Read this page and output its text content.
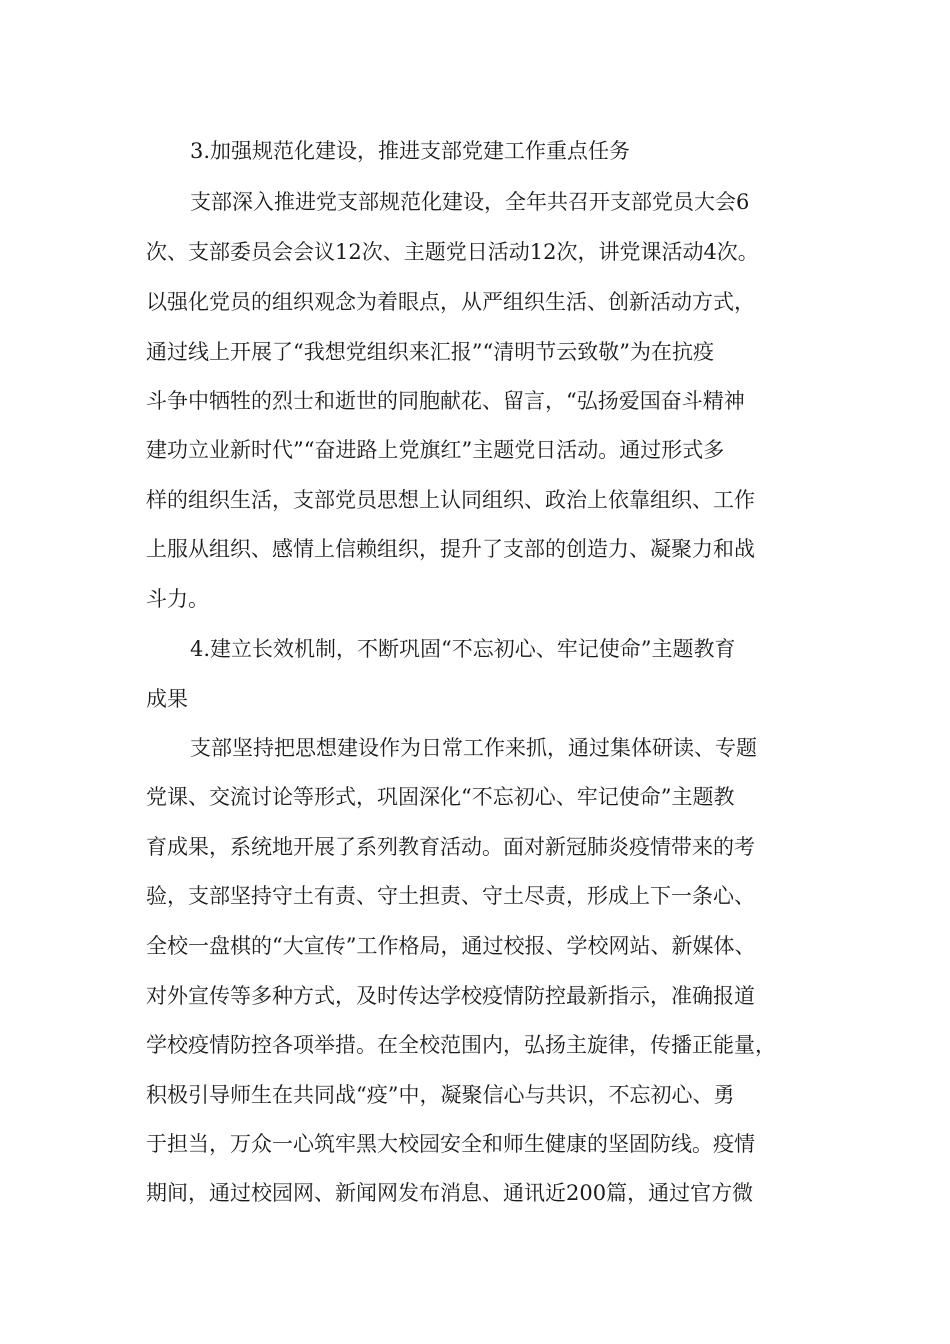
3.加强规范化建设，推进支部党建工作重点任务
支部深入推进党支部规范化建设，全年共召开支部党员大会6
次、支部委员会会议12次、主题党日活动12次，讲党课活动4次。
以强化党员的组织观念为着眼点，从严组织生活、创新活动方式，
通过线上开展了“我想党组织来汇报”“清明节云致敬”为在抗疫
斗争中牺牲的烈士和逝世的同胞献花、留言，“弘扬爱国奋斗精神
建功立业新时代”“奋进路上党旗红”主题党日活动。通过形式多
样的组织生活，支部党员思想上认同组织、政治上依靠组织、工作
上服从组织、感情上信赖组织，提升了支部的创造力、凝聚力和战
斗力。
4.建立长效机制，不断巩固“不忘初心、牢记使命”主题教育
成果
支部坚持把思想建设作为日常工作来抓，通过集体研读、专题
党课、交流讨论等形式，巩固深化“不忘初心、牢记使命”主题教
育成果，系统地开展了系列教育活动。面对新冠肺炎疫情带来的考
验，支部坚持守土有责、守土担责、守土尽责，形成上下一条心、
全校一盘棋的“大宣传”工作格局，通过校报、学校网站、新媒体、
对外宣传等多种方式，及时传达学校疫情防控最新指示，准确报道
学校疫情防控各项举措。在全校范围内，弘扬主旋律，传播正能量，
积极引导师生在共同战“疫”中，凝聚信心与共识，不忘初心、勇
于担当，万众一心筑牢黑大校园安全和师生健康的坚固防线。疫情
期间，通过校园网、新闻网发布消息、通讯近200篇，通过官方微
